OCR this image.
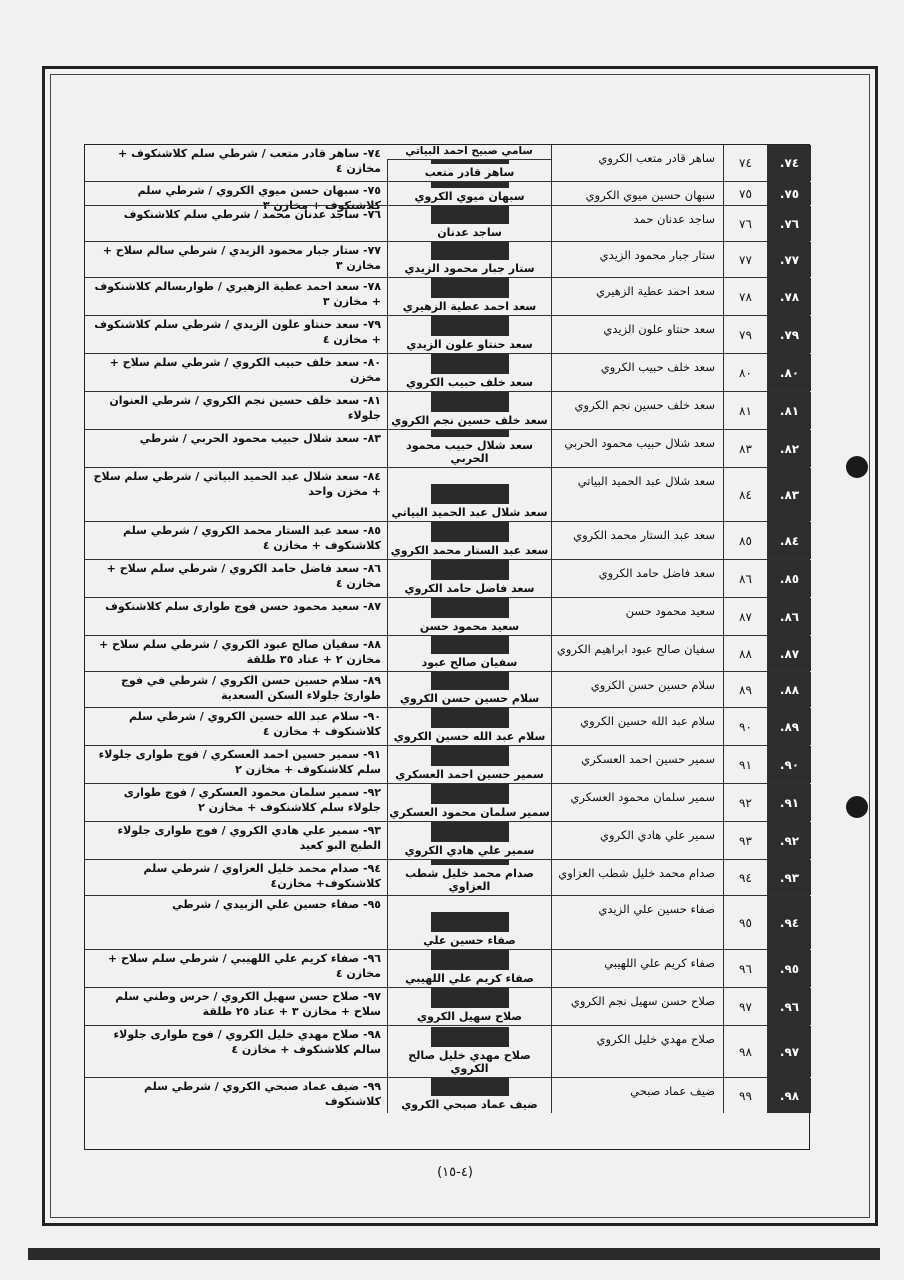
.٧٤
٧٤
ساهر قادر متعب الكروي
ساهر قادر متعب
٧٤- ساهر قادر متعب / شرطي سلم كلاشنكوف + مخازن ٤
.٧٥
٧٥
سبهان حسين ميوي الكروي
سبهان ميوي الكروي
٧٥- سبهان حسن ميوي الكروي / شرطي سلم كلاشنكوف + مخازن ٣
.٧٦
٧٦
ساجد عدنان حمد
ساجد عدنان
٧٦- ساجد عدنان محمد / شرطي سلم كلاشنكوف
.٧٧
٧٧
ستار جبار محمود الزيدي
ستار جبار محمود الزيدي
٧٧- ستار جبار محمود الزيدي / شرطي سالم سلاح + مخازن ٣
.٧٨
٧٨
سعد احمد عطية الزهيري
سعد احمد عطية الزهيري
٧٨- سعد احمد عطية الزهيري / طوارىسالم كلاشنكوف + مخازن ٣
.٧٩
٧٩
سعد حنتاو علون الزيدي
سعد حنتاو علون الزيدي
٧٩- سعد حنتاو علون الزيدي / شرطي سلم كلاشنكوف + مخازن ٤
.٨٠
٨٠
سعد خلف حبيب الكروي
سعد خلف حبيب الكروي
٨٠- سعد خلف حبيب الكروي / شرطي سلم سلاح + مخزن
.٨١
٨١
سعد خلف حسين نجم الكروي
سعد خلف حسين نجم الكروي
٨١- سعد خلف حسين نجم الكروي / شرطي العنوان جلولاء
.٨٢
٨٣
سعد شلال حبيب محمود الحربي
سعد شلال حبيب محمود الحربي
٨٣- سعد شلال حبيب محمود الحربي / شرطي
.٨٣
٨٤
سعد شلال عبد الحميد البياتي
سعد شلال عبد الحميد البياتي
٨٤- سعد شلال عبد الحميد البياتي / شرطي سلم سلاح + مخزن واحد
.٨٤
٨٥
سعد عبد الستار محمد الكروي
سعد عبد الستار محمد الكروي
٨٥- سعد عبد الستار محمد الكروي / شرطي سلم كلاشنكوف + مخازن ٤
.٨٥
٨٦
سعد فاضل حامد الكروي
سعد فاضل حامد الكروي
٨٦- سعد فاضل حامد الكروي / شرطي سلم سلاح + مخازن ٤
.٨٦
٨٧
سعيد محمود حسن
سعيد محمود حسن
٨٧- سعيد محمود حسن فوج طوارى سلم كلاشنكوف
.٨٧
٨٨
سفيان صالح عبود ابراهيم الكروي
سفيان صالح عبود
٨٨- سفيان صالح عبود الكروي / شرطي سلم سلاح + مخازن ٢ + عتاد ٣٥ طلقة
.٨٨
٨٩
سلام حسين حسن الكروي
سلام حسين حسن الكروي
٨٩- سلام حسين حسن الكروي / شرطي في فوج طوارئ جلولاء السكن السعدية
.٨٩
٩٠
سلام عبد الله حسين الكروي
سلام عبد الله حسين الكروي
٩٠- سلام عبد الله حسين الكروي / شرطي سلم كلاشنكوف + مخازن ٤
.٩٠
٩١
سمير حسين احمد العسكري
سمير حسين احمد العسكري
٩١- سمير حسين احمد العسكري / فوج طوارى جلولاء سلم كلاشنكوف + مخازن ٢
.٩١
٩٢
سمير سلمان محمود العسكري
سمير سلمان محمود العسكري
٩٢- سمير سلمان محمود العسكري / فوج طوارى جلولاء سلم كلاشنكوف + مخازن ٢
.٩٢
٩٣
سمير علي هادي الكروي
سمير علي هادي الكروي
٩٣- سمير علي هادي الكروي / فوج طوارى جلولاء الطبج البو كعيد
.٩٣
٩٤
صدام محمد خليل شطب العزاوي
صدام محمد خليل شطب العزاوي
٩٤- صدام محمد خليل العزاوي / شرطي سلم كلاشنكوف+ مخازن٤
.٩٤
٩٥
صفاء حسين علي الزيدي
صفاء حسين علي
٩٥- صفاء حسين علي الزبيدي / شرطي
.٩٥
٩٦
صفاء كريم علي اللهيبي
صفاء كريم علي اللهيبي
٩٦- صفاء كريم علي اللهيبي / شرطي سلم سلاح + مخازن ٤
.٩٦
٩٧
صلاح حسن سهيل نجم الكروي
صلاح سهيل الكروي
٩٧- صلاح حسن سهيل الكروي / حرس وطني سلم سلاح + مخازن ٣ + عتاد ٢٥ طلقة
.٩٧
٩٨
صلاح مهدي خليل الكروي
صلاح مهدي خليل صالح الكروي
٩٨- صلاح مهدي خليل الكروي / فوج طوارى جلولاء سالم كلاشنكوف + مخازن ٤
.٩٨
٩٩
ضيف عماد صبحي
ضيف عماد صبحي الكروي
٩٩- ضيف عماد صبحي الكروي / شرطي سلم كلاشنكوف
سامي صبيح احمد البياتي
(٤-١٥)
